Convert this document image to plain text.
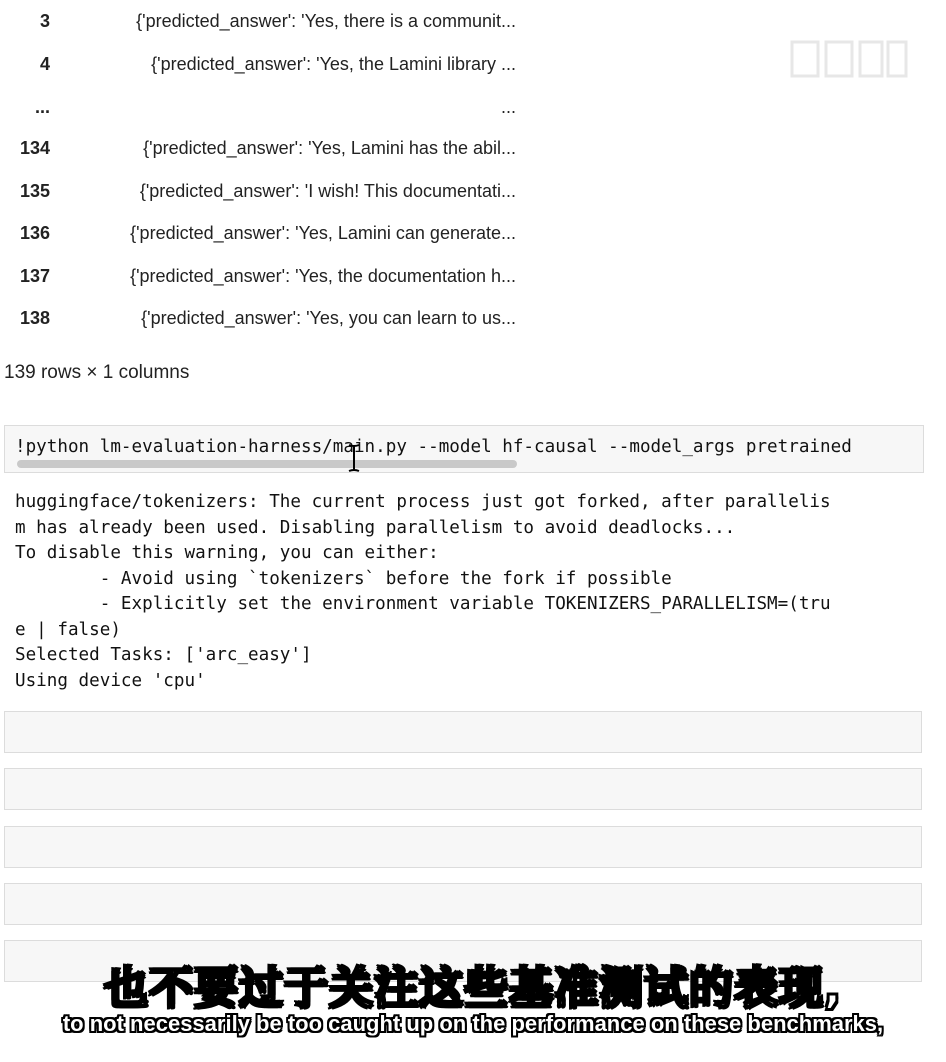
3	{'predicted_answer': 'Yes, there is a communit...
4	{'predicted_answer': 'Yes, the Lamini library ...
...	...
134	{'predicted_answer': 'Yes, Lamini has the abil...
135	{'predicted_answer': 'I wish! This documentati...
136	{'predicted_answer': 'Yes, Lamini can generate...
137	{'predicted_answer': 'Yes, the documentation h...
138	{'predicted_answer': 'Yes, you can learn to us...
139 rows × 1 columns
!python lm-evaluation-harness/main.py --model hf-causal --model_args pretrained
huggingface/tokenizers: The current process just got forked, after parallelis
m has already been used. Disabling parallelism to avoid deadlocks...
To disable this warning, you can either:
- Avoid using `tokenizers` before the fork if possible
- Explicitly set the environment variable TOKENIZERS_PARALLELISM=(tru
e | false)
Selected Tasks: ['arc_easy']
Using device 'cpu'
也不要过于关注这些基准测试的表现,
to not necessarily be too caught up on the performance on these benchmarks,
